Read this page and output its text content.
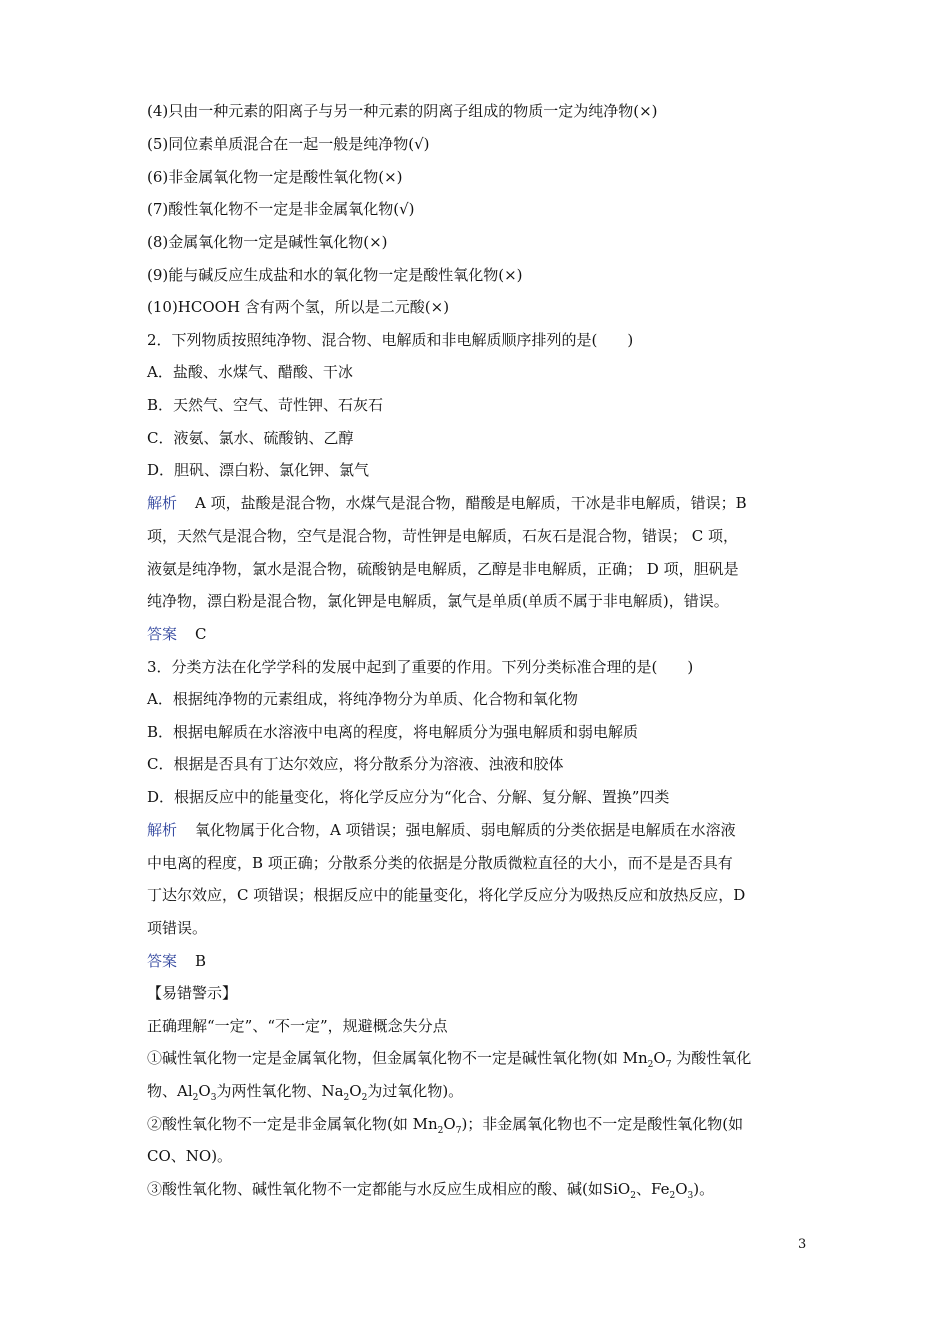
(4)只由一种元素的阳离子与另一种元素的阴离子组成的物质一定为纯净物(×)
(5)同位素单质混合在一起一般是纯净物(√)
(6)非金属氧化物一定是酸性氧化物(×)
(7)酸性氧化物不一定是非金属氧化物(√)
(8)金属氧化物一定是碱性氧化物(×)
(9)能与碱反应生成盐和水的氧化物一定是酸性氧化物(×)
(10)HCOOH 含有两个氢，所以是二元酸(×)
2．下列物质按照纯净物、混合物、电解质和非电解质顺序排列的是(　　)
A．盐酸、水煤气、醋酸、干冰
B．天然气、空气、苛性钾、石灰石
C．液氨、氯水、硫酸钠、乙醇
D．胆矾、漂白粉、氯化钾、氯气
解析 A 项，盐酸是混合物，水煤气是混合物，醋酸是电解质，干冰是非电解质，错误；B
项，天然气是混合物，空气是混合物，苛性钾是电解质，石灰石是混合物，错误； C 项，
液氨是纯净物，氯水是混合物，硫酸钠是电解质，乙醇是非电解质，正确； D 项，胆矾是
纯净物，漂白粉是混合物，氯化钾是电解质，氯气是单质(单质不属于非电解质)，错误。
答案 C
3．分类方法在化学学科的发展中起到了重要的作用。下列分类标准合理的是(　　)
A．根据纯净物的元素组成，将纯净物分为单质、化合物和氧化物
B．根据电解质在水溶液中电离的程度，将电解质分为强电解质和弱电解质
C．根据是否具有丁达尔效应，将分散系分为溶液、浊液和胶体
D．根据反应中的能量变化，将化学反应分为“化合、分解、复分解、置换”四类
解析 氧化物属于化合物，A 项错误；强电解质、弱电解质的分类依据是电解质在水溶液
中电离的程度，B 项正确；分散系分类的依据是分散质微粒直径的大小，而不是是否具有
丁达尔效应，C 项错误；根据反应中的能量变化，将化学反应分为吸热反应和放热反应，D
项错误。
答案 B
【易错警示】
正确理解“一定”、“不一定”，规避概念失分点
①碱性氧化物一定是金属氧化物，但金属氧化物不一定是碱性氧化物(如 $Mn_2O_7$ 为酸性氧化
物、$Al_2O_3$为两性氧化物、$Na_2O_2$为过氧化物)。
②酸性氧化物不一定是非金属氧化物(如 $Mn_2O_7$)；非金属氧化物也不一定是酸性氧化物(如
CO、NO)。
③酸性氧化物、碱性氧化物不一定都能与水反应生成相应的酸、碱(如SiO$_2$、$Fe_2O_3$)。
3
